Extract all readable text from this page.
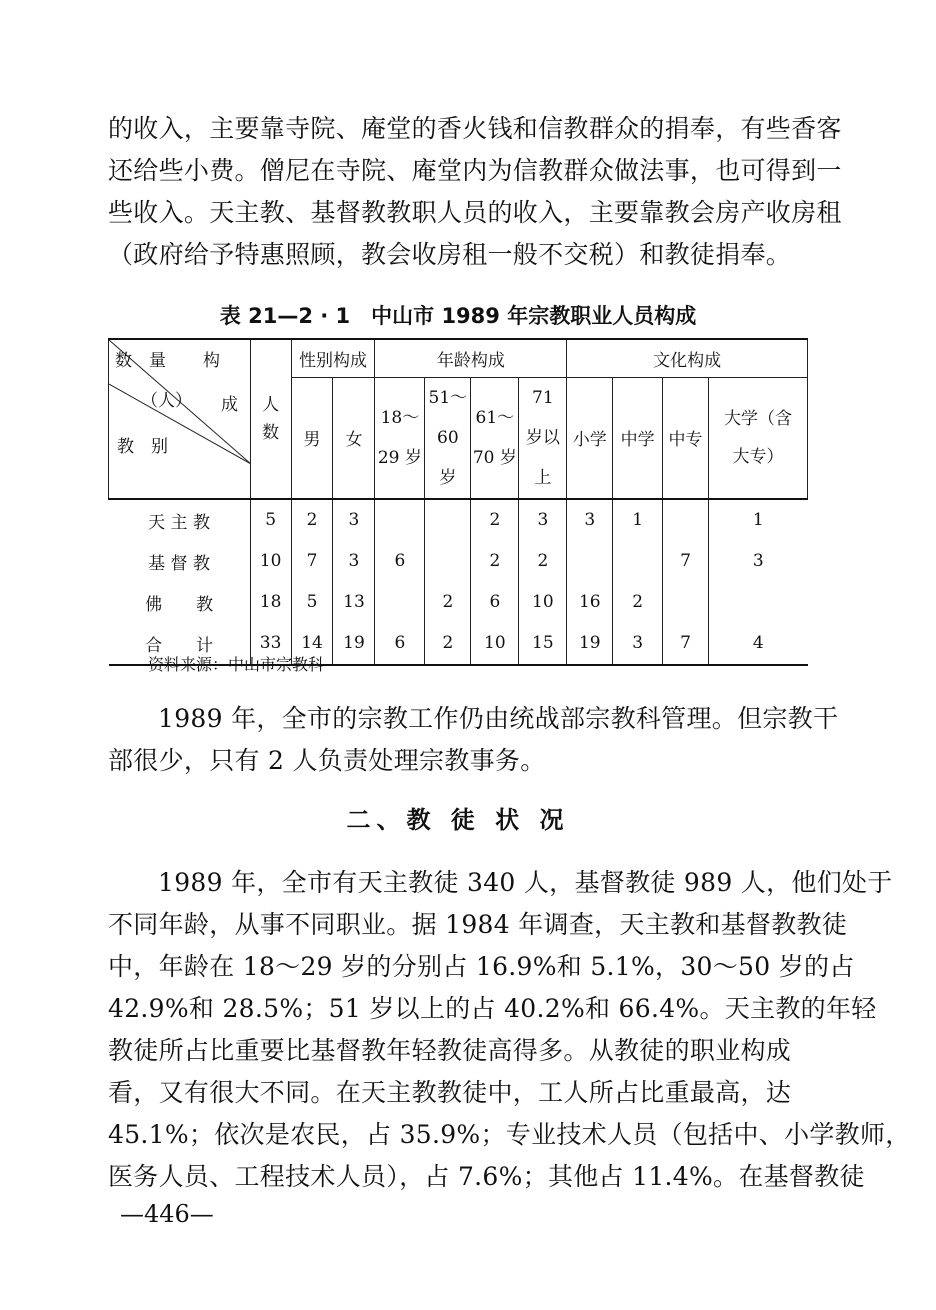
的收入，主要靠寺院、庵堂的香火钱和信教群众的捐奉，有些香客
还给些小费。僧尼在寺院、庵堂内为信教群众做法事，也可得到一
些收入。天主教、基督教教职人员的收入，主要靠教会房产收房租
（政府给予特惠照顾，教会收房租一般不交税）和教徒捐奉。
表 21—2 · 1　中山市 1989 年宗教职业人员构成
数　量 构
（人） 成
教　别	人数	性别构成		年龄构成				文化构成			
		男	女	18～29 岁	51～60 岁	61～70 岁	71 岁以上	小学	中学	中专	大学（含大专）

天 主 教	5	2	3			2	3	3	1		1
基 督 教	10	7	3	6		2	2			7	3
佛　　教	18	5	13		2	6	10	16	2		
合　　计	33	14	19	6	2	10	15	19	3	7	4
资料来源：中山市宗教科
1989 年，全市的宗教工作仍由统战部宗教科管理。但宗教干
部很少，只有 2 人负责处理宗教事务。
二、教 徒 状 况
1989 年，全市有天主教徒 340 人，基督教徒 989 人，他们处于
不同年龄，从事不同职业。据 1984 年调查，天主教和基督教教徒
中，年龄在 18～29 岁的分别占 16.9%和 5.1%，30～50 岁的占
42.9%和 28.5%；51 岁以上的占 40.2%和 66.4%。天主教的年轻
教徒所占比重要比基督教年轻教徒高得多。从教徒的职业构成
看，又有很大不同。在天主教教徒中，工人所占比重最高，达
45.1%；依次是农民，占 35.9%；专业技术人员（包括中、小学教师，
医务人员、工程技术人员），占 7.6%；其他占 11.4%。在基督教徒
—446—
